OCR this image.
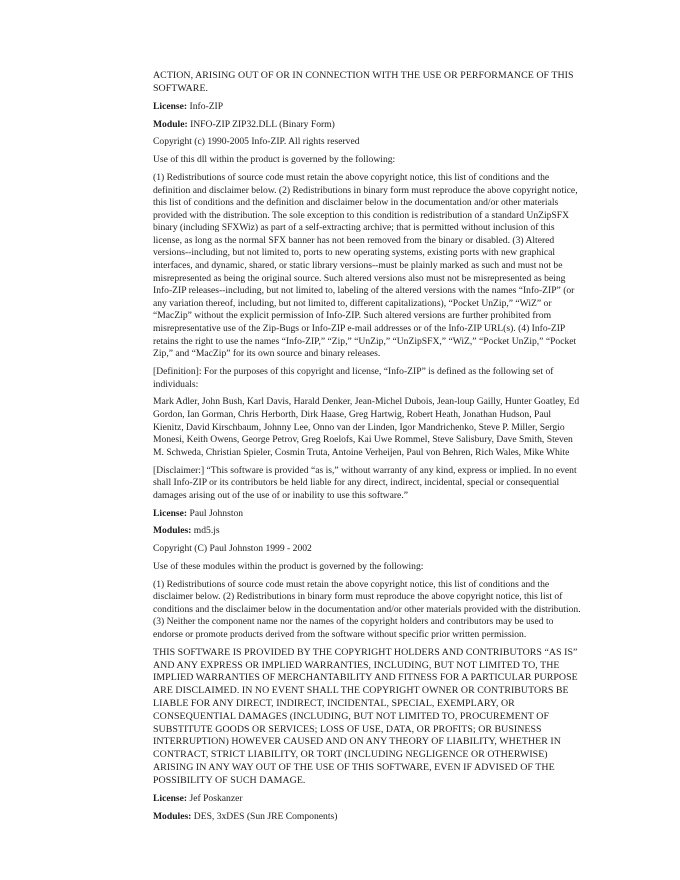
ACTION, ARISING OUT OF OR IN CONNECTION WITH THE USE OR PERFORMANCE OF THIS SOFTWARE.

License: Info-ZIP

Module: INFO-ZIP ZIP32.DLL (Binary Form)

Copyright (c) 1990-2005 Info-ZIP. All rights reserved

Use of this dll within the product is governed by the following:

(1) Redistributions of source code must retain the above copyright notice, this list of conditions and the definition and disclaimer below. (2) Redistributions in binary form must reproduce the above copyright notice, this list of conditions and the definition and disclaimer below in the documentation and/or other materials provided with the distribution. The sole exception to this condition is redistribution of a standard UnZipSFX binary (including SFXWiz) as part of a self-extracting archive; that is permitted without inclusion of this license, as long as the normal SFX banner has not been removed from the binary or disabled. (3) Altered versions--including, but not limited to, ports to new operating systems, existing ports with new graphical interfaces, and dynamic, shared, or static library versions--must be plainly marked as such and must not be misrepresented as being the original source. Such altered versions also must not be misrepresented as being Info-ZIP releases--including, but not limited to, labeling of the altered versions with the names “Info-ZIP” (or any variation thereof, including, but not limited to, different capitalizations), “Pocket UnZip,” “WiZ” or “MacZip” without the explicit permission of Info-ZIP. Such altered versions are further prohibited from misrepresentative use of the Zip-Bugs or Info-ZIP e-mail addresses or of the Info-ZIP URL(s). (4) Info-ZIP retains the right to use the names “Info-ZIP,” “Zip,” “UnZip,” “UnZipSFX,” “WiZ,” “Pocket UnZip,” “Pocket Zip,” and “MacZip” for its own source and binary releases.

[Definition]: For the purposes of this copyright and license, “Info-ZIP” is defined as the following set of individuals:

Mark Adler, John Bush, Karl Davis, Harald Denker, Jean-Michel Dubois, Jean-loup Gailly, Hunter Goatley, Ed Gordon, Ian Gorman, Chris Herborth, Dirk Haase, Greg Hartwig, Robert Heath, Jonathan Hudson, Paul Kienitz, David Kirschbaum, Johnny Lee, Onno van der Linden, Igor Mandrichenko, Steve P. Miller, Sergio Monesi, Keith Owens, George Petrov, Greg Roelofs, Kai Uwe Rommel, Steve Salisbury, Dave Smith, Steven M. Schweda, Christian Spieler, Cosmin Truta, Antoine Verheijen, Paul von Behren, Rich Wales, Mike White

[Disclaimer:] “This software is provided “as is,” without warranty of any kind, express or implied. In no event shall Info-ZIP or its contributors be held liable for any direct, indirect, incidental, special or consequential damages arising out of the use of or inability to use this software.”

License: Paul Johnston

Modules: md5.js

Copyright (C) Paul Johnston 1999 - 2002

Use of these modules within the product is governed by the following:

(1) Redistributions of source code must retain the above copyright notice, this list of conditions and the disclaimer below. (2) Redistributions in binary form must reproduce the above copyright notice, this list of conditions and the disclaimer below in the documentation and/or other materials provided with the distribution. (3) Neither the component name nor the names of the copyright holders and contributors may be used to endorse or promote products derived from the software without specific prior written permission.

THIS SOFTWARE IS PROVIDED BY THE COPYRIGHT HOLDERS AND CONTRIBUTORS “AS IS” AND ANY EXPRESS OR IMPLIED WARRANTIES, INCLUDING, BUT NOT LIMITED TO, THE IMPLIED WARRANTIES OF MERCHANTABILITY AND FITNESS FOR A PARTICULAR PURPOSE ARE DISCLAIMED. IN NO EVENT SHALL THE COPYRIGHT OWNER OR CONTRIBUTORS BE LIABLE FOR ANY DIRECT, INDIRECT, INCIDENTAL, SPECIAL, EXEMPLARY, OR CONSEQUENTIAL DAMAGES (INCLUDING, BUT NOT LIMITED TO, PROCUREMENT OF SUBSTITUTE GOODS OR SERVICES; LOSS OF USE, DATA, OR PROFITS; OR BUSINESS INTERRUPTION) HOWEVER CAUSED AND ON ANY THEORY OF LIABILITY, WHETHER IN CONTRACT, STRICT LIABILITY, OR TORT (INCLUDING NEGLIGENCE OR OTHERWISE) ARISING IN ANY WAY OUT OF THE USE OF THIS SOFTWARE, EVEN IF ADVISED OF THE POSSIBILITY OF SUCH DAMAGE.

License: Jef Poskanzer

Modules: DES, 3xDES (Sun JRE Components)
